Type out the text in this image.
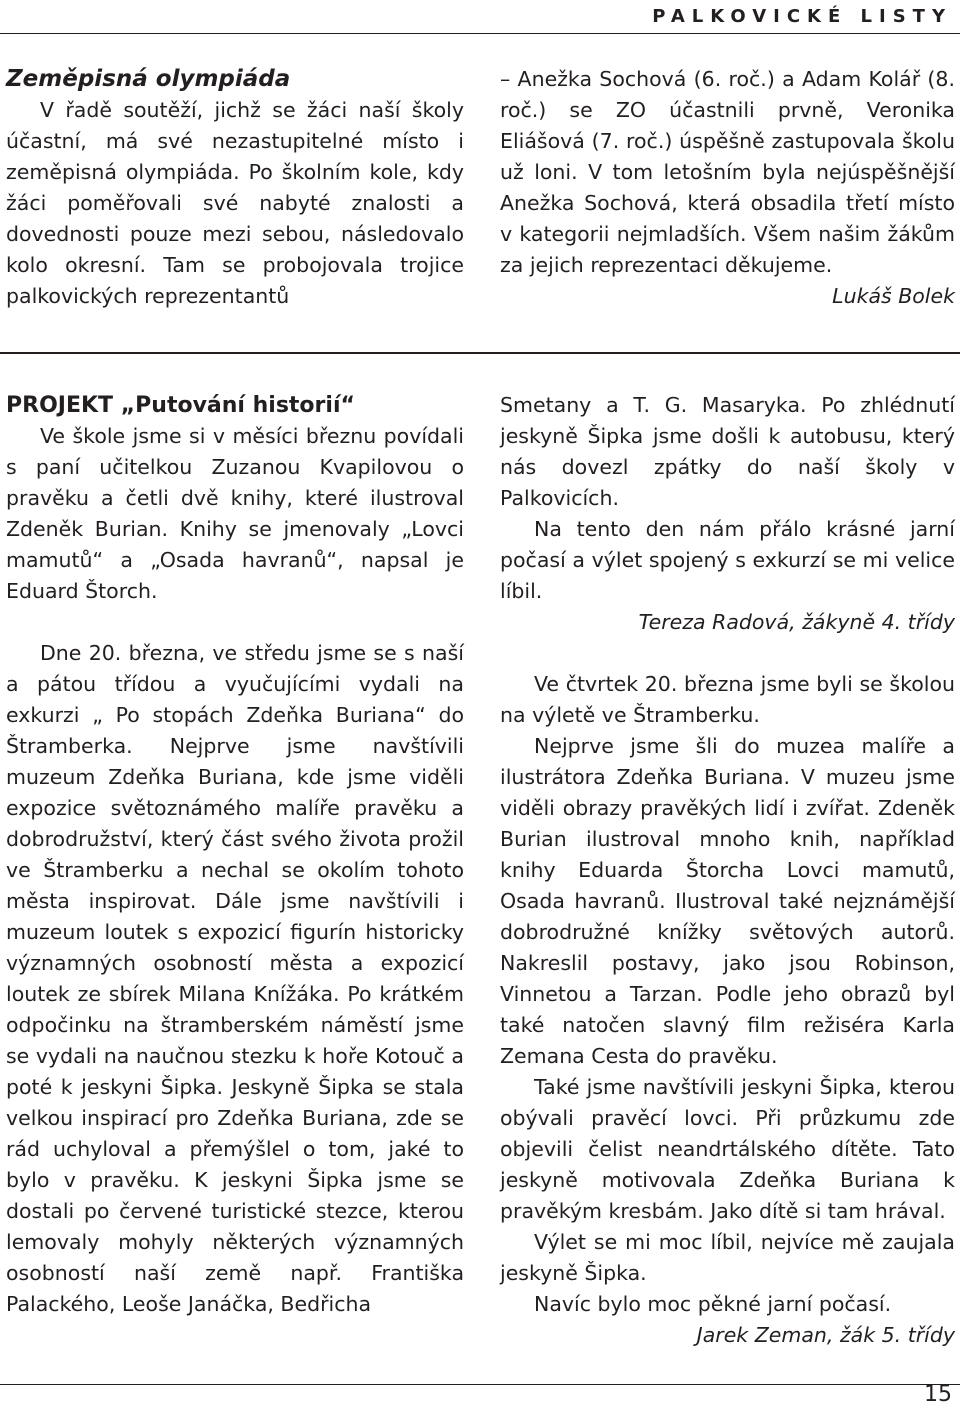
PALKOVICKÉ LISTY

Zeměpisná olympiáda

V řadě soutěží, jichž se žáci naší školy účastní, má své nezastupitelné místo i zeměpisná olympiáda. Po školním kole, kdy žáci poměřovali své nabyté znalosti a dovednosti pouze mezi sebou, následovalo kolo okresní. Tam se probojovala trojice palkovických reprezentantů

– Anežka Sochová (6. roč.) a Adam Kolář (8. roč.) se ZO účastnili prvně, Veronika Eliášová (7. roč.) úspěšně zastupovala školu už loni. V tom letošním byla nejúspěšnější Anežka Sochová, která obsadila třetí místo v kategorii nejmladších. Všem našim žákům za jejich reprezentaci děkujeme.

Lukáš Bolek

PROJEKT „Putování historií“

Ve škole jsme si v měsíci březnu povídali s paní učitelkou Zuzanou Kvapilovou o pravěku a četli dvě knihy, které ilustroval Zdeněk Burian. Knihy se jmenovaly „Lovci mamutů“ a „Osada havranů“, napsal je Eduard Štorch.

Dne 20. března, ve středu jsme se s naší a pátou třídou a vyučujícími vydali na exkurzi „ Po stopách Zdeňka Buriana“ do Štramberka. Nejprve jsme navštívili muzeum Zdeňka Buriana, kde jsme viděli expozice světoznámého malíře pravěku a dobrodružství, který část svého života prožil ve Štramberku a nechal se okolím tohoto města inspirovat. Dále jsme navštívili i muzeum loutek s expozicí figurín historicky významných osobností města a expozicí loutek ze sbírek Milana Knížáka. Po krátkém odpočinku na štramberském náměstí jsme se vydali na naučnou stezku k hoře Kotouč a poté k jeskyni Šipka. Jeskyně Šipka se stala velkou inspirací pro Zdeňka Buriana, zde se rád uchyloval a přemýšlel o tom, jaké to bylo v pravěku. K jeskyni Šipka jsme se dostali po červené turistické stezce, kterou lemovaly mohyly některých významných osobností naší země např. Františka Palackého, Leoše Janáčka, Bedřicha

Smetany a T. G. Masaryka. Po zhlédnutí jeskyně Šipka jsme došli k autobusu, který nás dovezl zpátky do naší školy v Palkovicích.

Na tento den nám přálo krásné jarní počasí a výlet spojený s exkurzí se mi velice líbil.

Tereza Radová, žákyně 4. třídy

Ve čtvrtek 20. března jsme byli se školou na výletě ve Štramberku.

Nejprve jsme šli do muzea malíře a ilustrátora Zdeňka Buriana. V muzeu jsme viděli obrazy pravěkých lidí i zvířat. Zdeněk Burian ilustroval mnoho knih, například knihy Eduarda Štorcha Lovci mamutů, Osada havranů. Ilustroval také nejznámější dobrodružné knížky světových autorů. Nakreslil postavy, jako jsou Robinson, Vinnetou a Tarzan. Podle jeho obrazů byl také natočen slavný film režiséra Karla Zemana Cesta do pravěku.

Také jsme navštívili jeskyni Šipka, kterou obývali pravěcí lovci. Při průzkumu zde objevili čelist neandrtálského dítěte. Tato jeskyně motivovala Zdeňka Buriana k pravěkým kresbám. Jako dítě si tam hrával.

Výlet se mi moc líbil, nejvíce mě zaujala jeskyně Šipka.

Navíc bylo moc pěkné jarní počasí.

Jarek Zeman, žák 5. třídy

15
